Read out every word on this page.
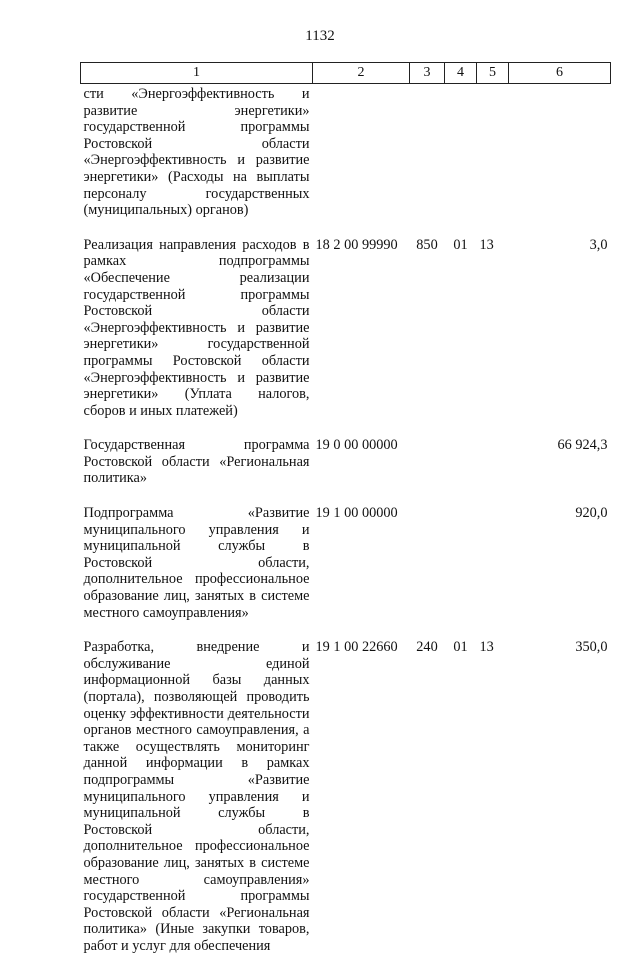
1132
1	2	3	4	5	6
сти «Энергоэффективность и развитие энергетики» государственной программы Ростовской области «Энергоэффективность и развитие энергетики» (Расходы на выплаты персоналу государственных (муниципальных) органов)					
Реализация направления расходов в рамках подпрограммы «Обеспечение реализации государственной программы Ростовской области «Энергоэффективность и развитие энергетики» государственной программы Ростовской области «Энергоэффективность и развитие энергетики» (Уплата налогов, сборов и иных платежей)	18 2 00 99990	850	01	13	3,0
Государственная программа Ростовской области «Региональная политика»	19 0 00 00000				66 924,3
Подпрограмма «Развитие муниципального управления и муниципальной службы в Ростовской области, дополнительное профессиональное образование лиц, занятых в системе местного самоуправления»	19 1 00 00000				920,0
Разработка, внедрение и обслуживание единой информационной базы данных (портала), позволяющей проводить оценку эффективности деятельности органов местного самоуправления, а также осуществлять мониторинг данной информации в рамках подпрограммы «Развитие муниципального управления и муниципальной службы в Ростовской области, дополнительное профессиональное образование лиц, занятых в системе местного самоуправления» государственной программы Ростовской области «Региональная политика» (Иные закупки товаров, работ и услуг для обеспечения	19 1 00 22660	240	01	13	350,0
